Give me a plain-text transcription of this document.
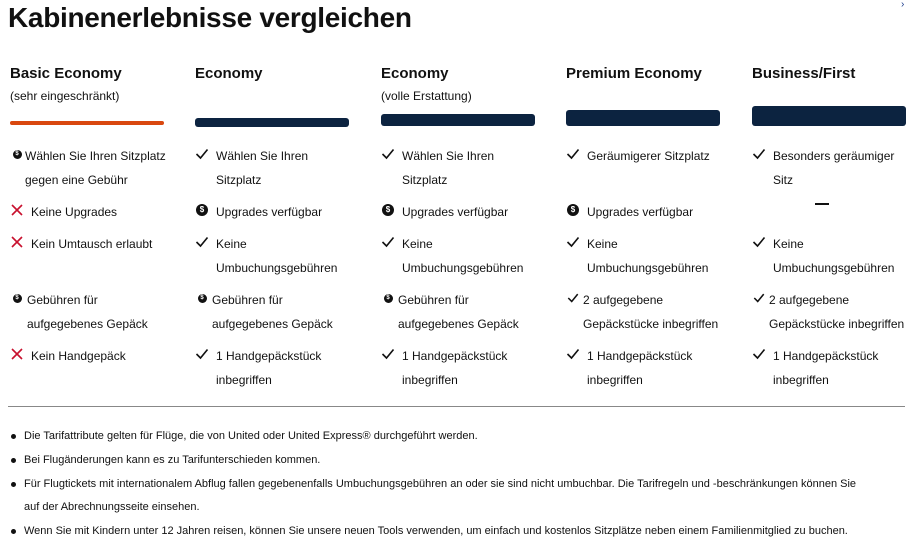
Kabinenerlebnisse vergleichen	›
Basic Economy
(sehr eingeschränkt)
$ Wählen Sie Ihren Sitzplatz
gegen eine Gebühr
Keine Upgrades
Kein Umtausch erlaubt
$ Gebühren für
aufgegebenes Gepäck
Kein Handgepäck
Economy
Wählen Sie Ihren
Sitzplatz
$ Upgrades verfügbar
Keine
Umbuchungsgebühren
$ Gebühren für
aufgegebenes Gepäck
1 Handgepäckstück
inbegriffen
Economy
(volle Erstattung)
Wählen Sie Ihren
Sitzplatz
$ Upgrades verfügbar
Keine
Umbuchungsgebühren
$ Gebühren für
aufgegebenes Gepäck
1 Handgepäckstück
inbegriffen
Premium Economy
Geräumigerer Sitzplatz
$ Upgrades verfügbar
Keine
Umbuchungsgebühren
2 aufgegebene
Gepäckstücke inbegriffen
1 Handgepäckstück
inbegriffen
Business/First
Besonders geräumiger
Sitz
Keine
Umbuchungsgebühren
2 aufgegebene
Gepäckstücke inbegriffen
1 Handgepäckstück
inbegriffen
Die Tarifattribute gelten für Flüge, die von United oder United Express® durchgeführt werden.
Bei Flugänderungen kann es zu Tarifunterschieden kommen.
Für Flugtickets mit internationalem Abflug fallen gegebenenfalls Umbuchungsgebühren an oder sie sind nicht umbuchbar. Die Tarifregeln und -beschränkungen können Sie
auf der Abrechnungsseite einsehen.
Wenn Sie mit Kindern unter 12 Jahren reisen, können Sie unsere neuen Tools verwenden, um einfach und kostenlos Sitzplätze neben einem Familienmitglied zu buchen.
